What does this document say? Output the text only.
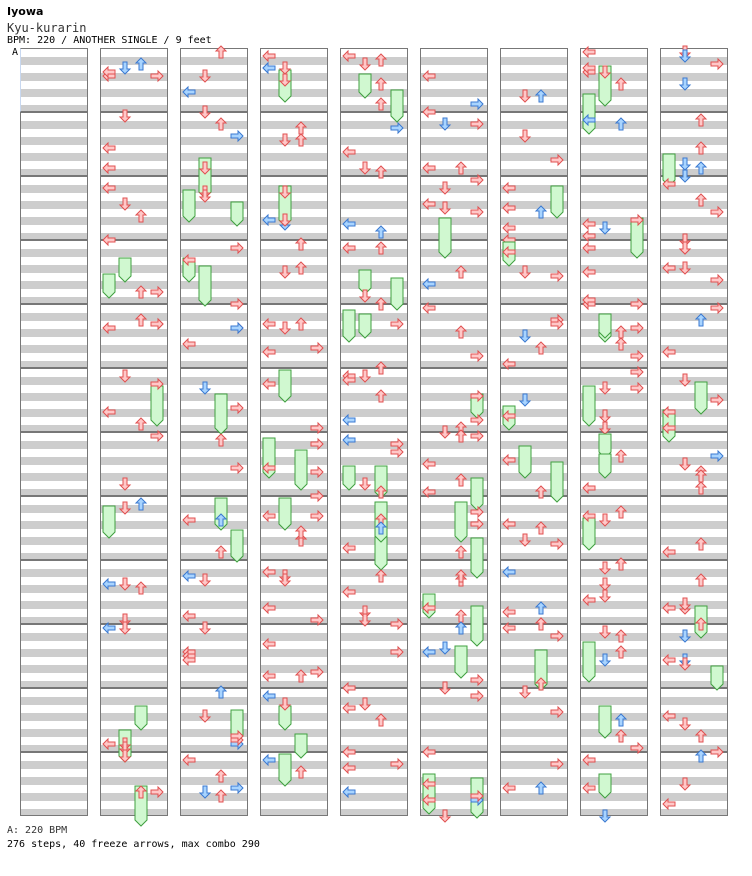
Iyowa
Kyu-kurarin
BPM: 220 / ANOTHER SINGLE / 9 feet
A
A: 220 BPM
276 steps, 40 freeze arrows, max combo 290
